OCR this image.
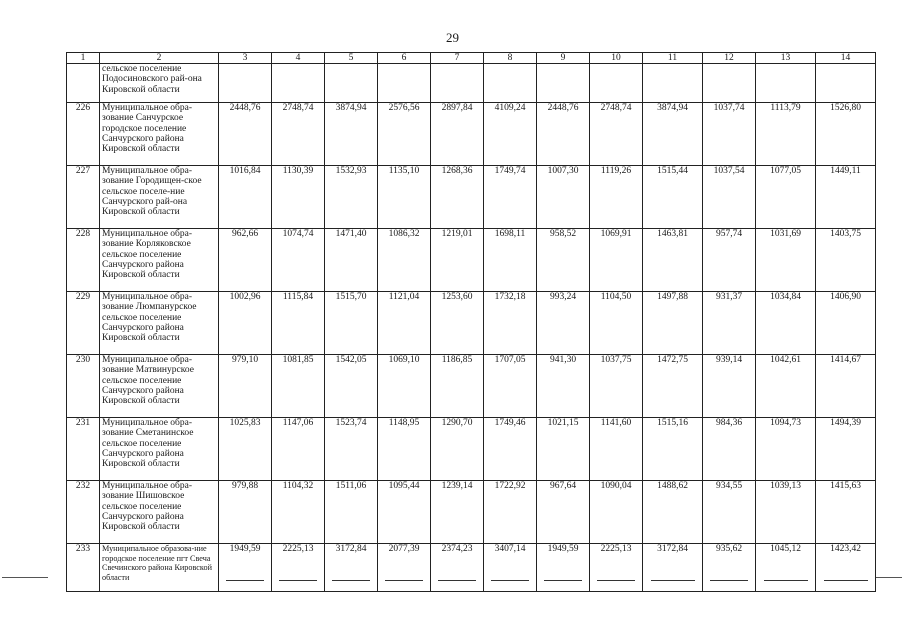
29
1	2	3	4	5	6	7	8	9	10	11	12	13	14
	сельское поселение Подосиновского рай-она Кировской области												
226	Муниципальное обра-зование Санчурское городское поселение Санчурского района Кировской области	2448,76	2748,74	3874,94	2576,56	2897,84	4109,24	2448,76	2748,74	3874,94	1037,74	1113,79	1526,80
227	Муниципальное обра-зование Городищен-ское сельское поселе-ние Санчурского рай-она Кировской области	1016,84	1130,39	1532,93	1135,10	1268,36	1749,74	1007,30	1119,26	1515,44	1037,54	1077,05	1449,11
228	Муниципальное обра-зование Корляковское сельское поселение Санчурского района Кировской области	962,66	1074,74	1471,40	1086,32	1219,01	1698,11	958,52	1069,91	1463,81	957,74	1031,69	1403,75
229	Муниципальное обра-зование Люмпанурское сельское поселение Санчурского района Кировской области	1002,96	1115,84	1515,70	1121,04	1253,60	1732,18	993,24	1104,50	1497,88	931,37	1034,84	1406,90
230	Муниципальное обра-зование Матвинурское сельское поселение Санчурского района Кировской области	979,10	1081,85	1542,05	1069,10	1186,85	1707,05	941,30	1037,75	1472,75	939,14	1042,61	1414,67
231	Муниципальное обра-зование Сметанинское сельское поселение Санчурского района Кировской области	1025,83	1147,06	1523,74	1148,95	1290,70	1749,46	1021,15	1141,60	1515,16	984,36	1094,73	1494,39
232	Муниципальное обра-зование Шишовское сельское поселение Санчурского района Кировской области	979,88	1104,32	1511,06	1095,44	1239,14	1722,92	967,64	1090,04	1488,62	934,55	1039,13	1415,63
233	Муниципальное образова-ние городское поселение пгт Свеча Свечинского района Кировской области	1949,59	2225,13	3172,84	2077,39	2374,23	3407,14	1949,59	2225,13	3172,84	935,62	1045,12	1423,42
